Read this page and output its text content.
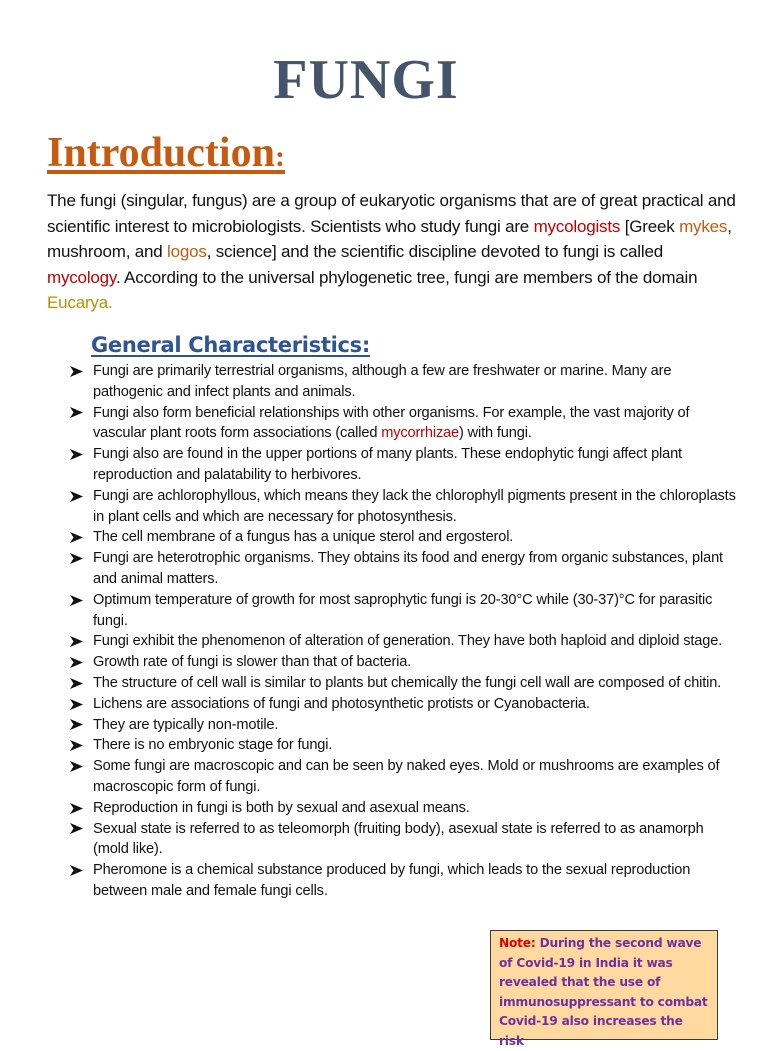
FUNGI
Introduction:

The fungi (singular, fungus) are a group of eukaryotic organisms that are of great practical and scientific interest to microbiologists. Scientists who study fungi are mycologists [Greek mykes, mushroom, and logos, science] and the scientific discipline devoted to fungi is called mycology. According to the universal phylogenetic tree, fungi are members of the domain Eucarya.

General Characteristics:
Fungi are primarily terrestrial organisms, although a few are freshwater or marine. Many are pathogenic and infect plants and animals.
Fungi also form beneficial relationships with other organisms. For example, the vast majority of vascular plant roots form associations (called mycorrhizae) with fungi.
Fungi also are found in the upper portions of many plants. These endophytic fungi affect plant reproduction and palatability to herbivores.
Fungi are achlorophyllous, which means they lack the chlorophyll pigments present in the chloroplasts in plant cells and which are necessary for photosynthesis.
The cell membrane of a fungus has a unique sterol and ergosterol.
Fungi are heterotrophic organisms. They obtains its food and energy from organic substances, plant and animal matters.
Optimum temperature of growth for most saprophytic fungi is 20-30°C while (30-37)°C for parasitic fungi.
Fungi exhibit the phenomenon of alteration of generation. They have both haploid and diploid stage.
Growth rate of fungi is slower than that of bacteria.
The structure of cell wall is similar to plants but chemically the fungi cell wall are composed of chitin.
Lichens are associations of fungi and photosynthetic protists or Cyanobacteria.
They are typically non-motile.
There is no embryonic stage for fungi.
Some fungi are macroscopic and can be seen by naked eyes. Mold or mushrooms are examples of macroscopic form of fungi.
Reproduction in fungi is both by sexual and asexual means.
Sexual state is referred to as teleomorph (fruiting body), asexual state is referred to as anamorph (mold like).
Pheromone is a chemical substance produced by fungi, which leads to the sexual reproduction between male and female fungi cells.
Note: During the second wave of Covid-19 in India it was revealed that the use of immunosuppressant to combat Covid-19 also increases the risk
